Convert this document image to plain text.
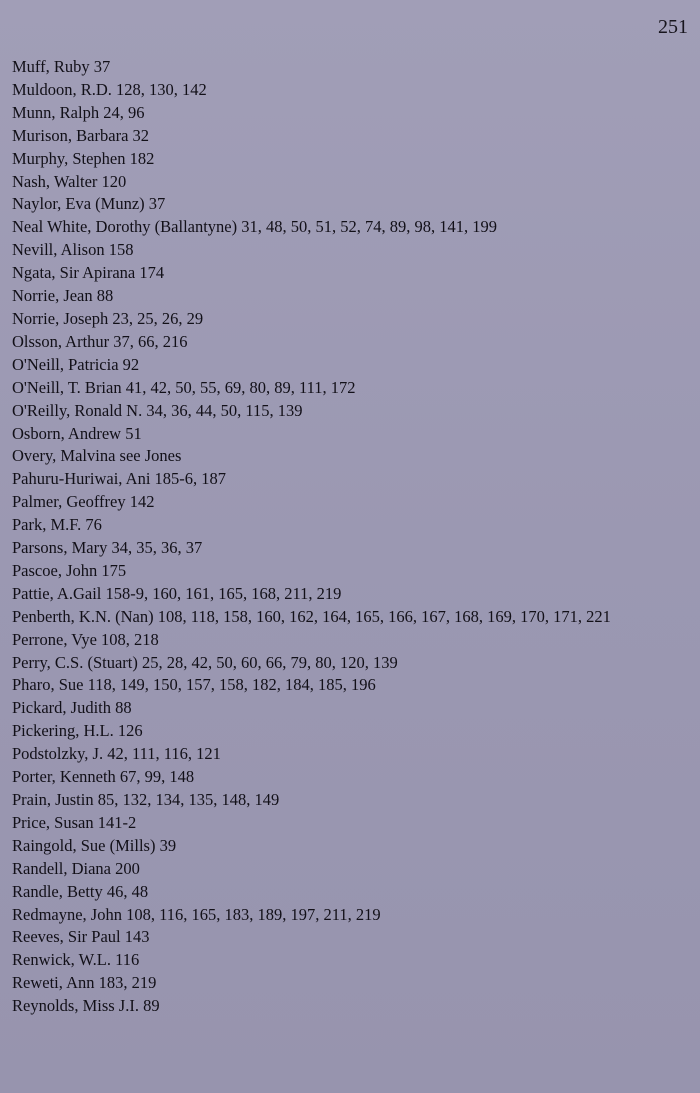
251
Muff, Ruby 37
Muldoon, R.D. 128, 130, 142
Munn, Ralph 24, 96
Murison, Barbara 32
Murphy, Stephen 182
Nash, Walter 120
Naylor, Eva (Munz) 37
Neal White, Dorothy (Ballantyne) 31, 48, 50, 51, 52, 74, 89, 98, 141, 199
Nevill, Alison 158
Ngata, Sir Apirana 174
Norrie, Jean 88
Norrie, Joseph 23, 25, 26, 29
Olsson, Arthur 37, 66, 216
O'Neill, Patricia 92
O'Neill, T. Brian 41, 42, 50, 55, 69, 80, 89, 111, 172
O'Reilly, Ronald N. 34, 36, 44, 50, 115, 139
Osborn, Andrew 51
Overy, Malvina see Jones
Pahuru-Huriwai, Ani 185-6, 187
Palmer, Geoffrey 142
Park, M.F. 76
Parsons, Mary 34, 35, 36, 37
Pascoe, John 175
Pattie, A.Gail 158-9, 160, 161, 165, 168, 211, 219
Penberth, K.N. (Nan) 108, 118, 158, 160, 162, 164, 165, 166, 167, 168, 169, 170, 171, 221
Perrone, Vye 108, 218
Perry, C.S. (Stuart) 25, 28, 42, 50, 60, 66, 79, 80, 120, 139
Pharo, Sue 118, 149, 150, 157, 158, 182, 184, 185, 196
Pickard, Judith 88
Pickering, H.L. 126
Podstolzky, J. 42, 111, 116, 121
Porter, Kenneth 67, 99, 148
Prain, Justin 85, 132, 134, 135, 148, 149
Price, Susan 141-2
Raingold, Sue (Mills) 39
Randell, Diana 200
Randle, Betty 46, 48
Redmayne, John 108, 116, 165, 183, 189, 197, 211, 219
Reeves, Sir Paul 143
Renwick, W.L. 116
Reweti, Ann 183, 219
Reynolds, Miss J.I. 89
